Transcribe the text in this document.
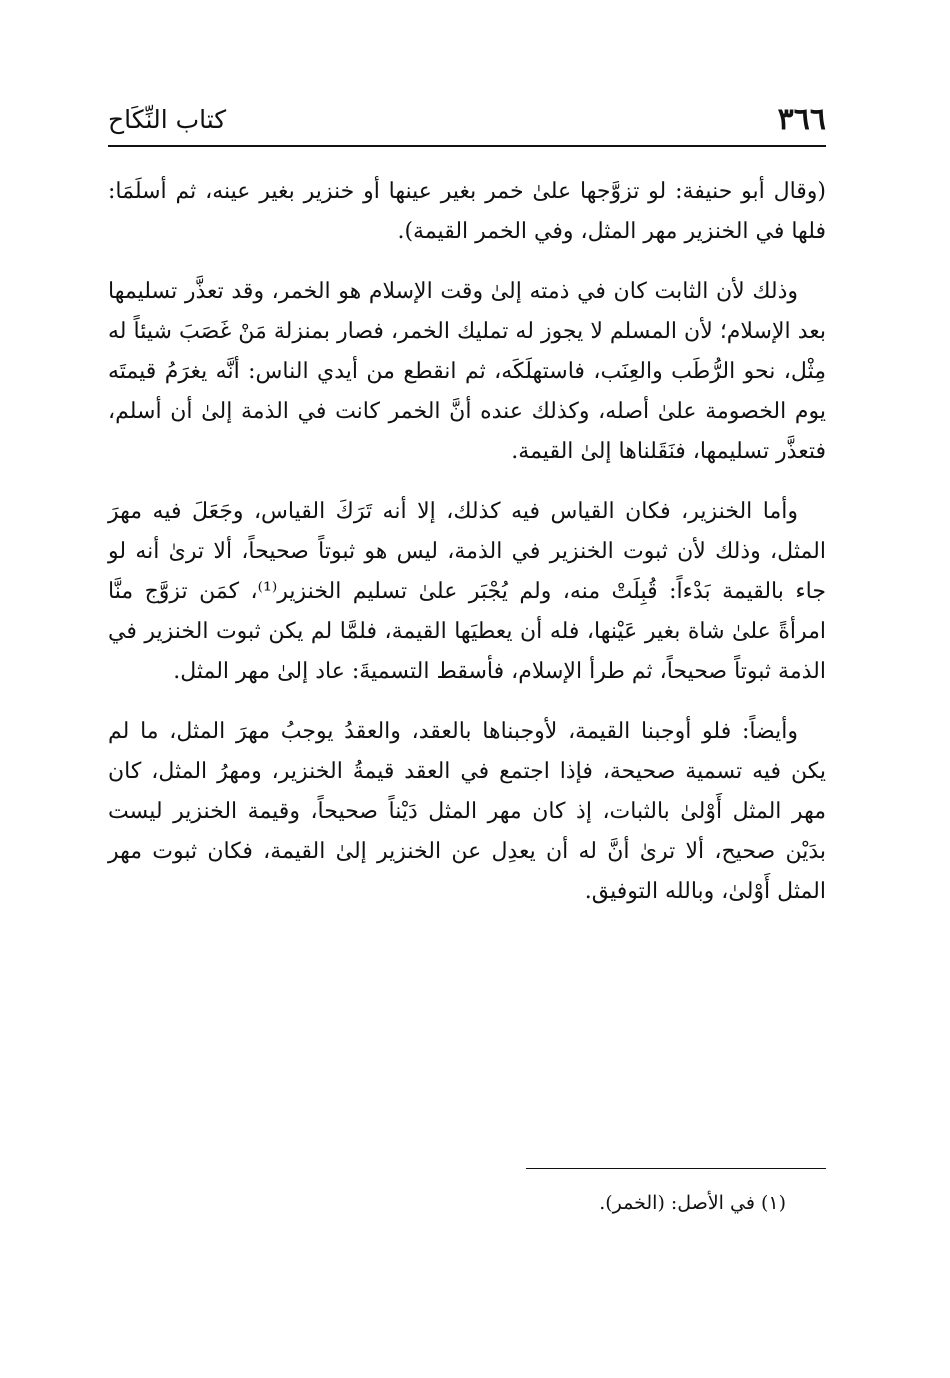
٣٦٦
كتاب النِّكَاح

(وقال أبو حنيفة: لو تزوَّجها علىٰ خمر بغير عينها أو خنزير بغير عينه، ثم أسلَمَا: فلها في الخنزير مهر المثل، وفي الخمر القيمة).

وذلك لأن الثابت كان في ذمته إلىٰ وقت الإسلام هو الخمر، وقد تعذَّر تسليمها بعد الإسلام؛ لأن المسلم لا يجوز له تمليك الخمر، فصار بمنزلة مَنْ غَصَبَ شيئاً له مِثْل، نحو الرُّطَب والعِنَب، فاستهلَكَه، ثم انقطع من أيدي الناس: أنَّه يغرَمُ قيمتَه يوم الخصومة علىٰ أصله، وكذلك عنده أنَّ الخمر كانت في الذمة إلىٰ أن أسلم، فتعذَّر تسليمها، فنَقَلناها إلىٰ القيمة.

وأما الخنزير، فكان القياس فيه كذلك، إلا أنه تَرَكَ القياس، وجَعَلَ فيه مهرَ المثل، وذلك لأن ثبوت الخنزير في الذمة، ليس هو ثبوتاً صحيحاً، ألا ترىٰ أنه لو جاء بالقيمة بَدْءاً: قُبِلَتْ منه، ولم يُجْبَر علىٰ تسليم الخنزير⁽¹⁾، كمَن تزوَّج منَّا امرأةً علىٰ شاة بغير عَيْنها، فله أن يعطيَها القيمة، فلمَّا لم يكن ثبوت الخنزير في الذمة ثبوتاً صحيحاً، ثم طرأ الإسلام، فأسقط التسميةَ: عاد إلىٰ مهر المثل.

وأيضاً: فلو أوجبنا القيمة، لأوجبناها بالعقد، والعقدُ يوجبُ مهرَ المثل، ما لم يكن فيه تسمية صحيحة، فإذا اجتمع في العقد قيمةُ الخنزير، ومهرُ المثل، كان مهر المثل أَوْلىٰ بالثبات، إذ كان مهر المثل دَيْناً صحيحاً، وقيمة الخنزير ليست بدَيْن صحيح، ألا ترىٰ أنَّ له أن يعدِل عن الخنزير إلىٰ القيمة، فكان ثبوت مهر المثل أَوْلىٰ، وبالله التوفيق.

(١) في الأصل: (الخمر).
